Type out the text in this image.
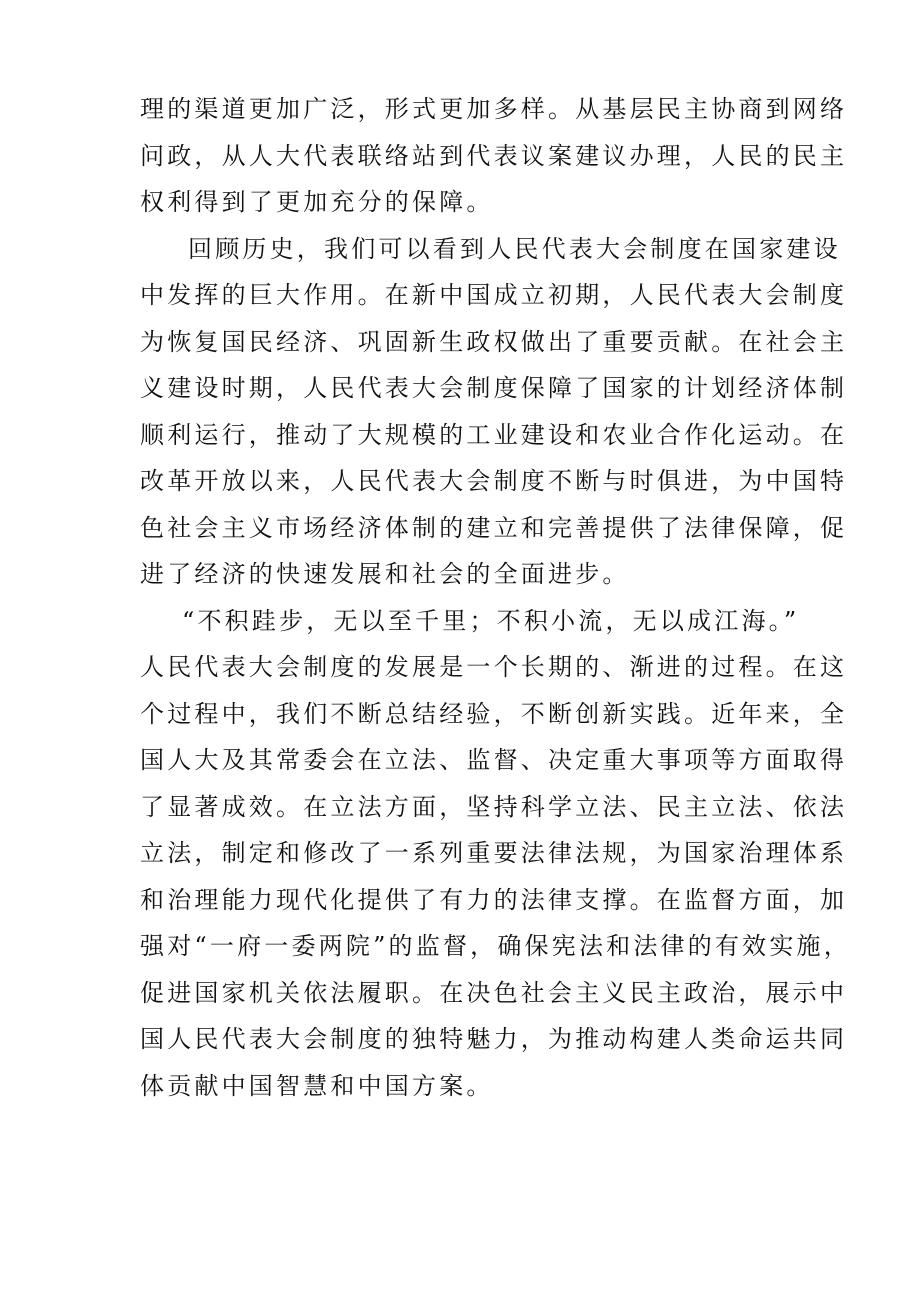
理的渠道更加广泛，形式更加多样。从基层民主协商到网络
问政，从人大代表联络站到代表议案建议办理，人民的民主
权利得到了更加充分的保障。
回顾历史，我们可以看到人民代表大会制度在国家建设
中发挥的巨大作用。在新中国成立初期，人民代表大会制度
为恢复国民经济、巩固新生政权做出了重要贡献。在社会主
义建设时期，人民代表大会制度保障了国家的计划经济体制
顺利运行，推动了大规模的工业建设和农业合作化运动。在
改革开放以来，人民代表大会制度不断与时俱进，为中国特
色社会主义市场经济体制的建立和完善提供了法律保障，促
进了经济的快速发展和社会的全面进步。
“不积跬步，无以至千里；不积小流，无以成江海。”
人民代表大会制度的发展是一个长期的、渐进的过程。在这
个过程中，我们不断总结经验，不断创新实践。近年来，全
国人大及其常委会在立法、监督、决定重大事项等方面取得
了显著成效。在立法方面，坚持科学立法、民主立法、依法
立法，制定和修改了一系列重要法律法规，为国家治理体系
和治理能力现代化提供了有力的法律支撑。在监督方面，加
强对“一府一委两院”的监督，确保宪法和法律的有效实施，
促进国家机关依法履职。在决色社会主义民主政治，展示中
国人民代表大会制度的独特魅力，为推动构建人类命运共同
体贡献中国智慧和中国方案。
